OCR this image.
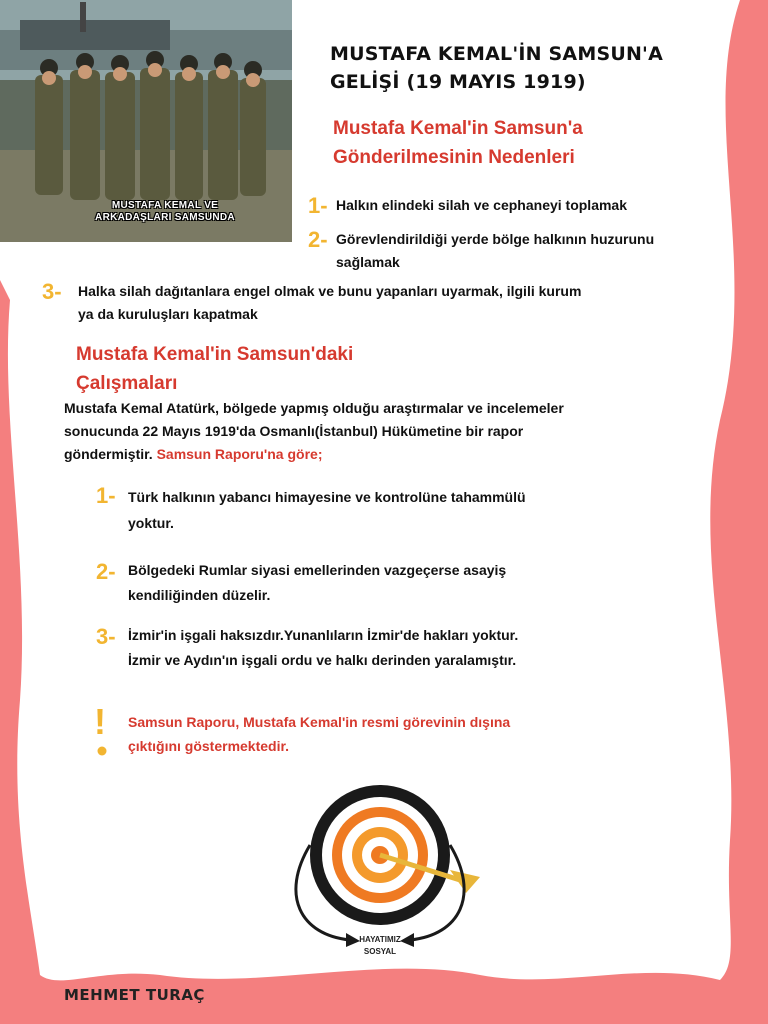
MUSTAFA KEMAL VE
ARKADAŞLARI SAMSUNDA
MUSTAFA KEMAL'İN SAMSUN'A
GELİŞİ (19 MAYIS 1919)
Mustafa Kemal'in Samsun'a
Gönderilmesinin Nedenleri
1- Halkın elindeki silah ve cephaneyi toplamak
2- Görevlendirildiği yerde bölge halkının huzurunu
sağlamak
3- Halka silah dağıtanlara engel olmak ve bunu yapanları uyarmak, ilgili kurum
ya da kuruluşları kapatmak
Mustafa Kemal'in Samsun'daki
Çalışmaları
Mustafa Kemal Atatürk, bölgede yapmış olduğu araştırmalar ve incelemeler
sonucunda 22 Mayıs 1919'da Osmanlı(İstanbul) Hükümetine bir rapor
göndermiştir. Samsun Raporu'na göre;
1- Türk halkının yabancı himayesine ve kontrolüne tahammülü
yoktur.
2- Bölgedeki Rumlar siyasi emellerinden vazgeçerse asayiş
kendiliğinden düzelir.
3- İzmir'in işgali haksızdır.Yunanlıların İzmir'de hakları yoktur.
İzmir ve Aydın'ın işgali ordu ve halkı derinden yaralamıştır.
! Samsun Raporu, Mustafa Kemal'in resmi görevinin dışına
çıktığını göstermektedir.
HAYATIMIZ
SOSYAL
MEHMET TURAÇ
